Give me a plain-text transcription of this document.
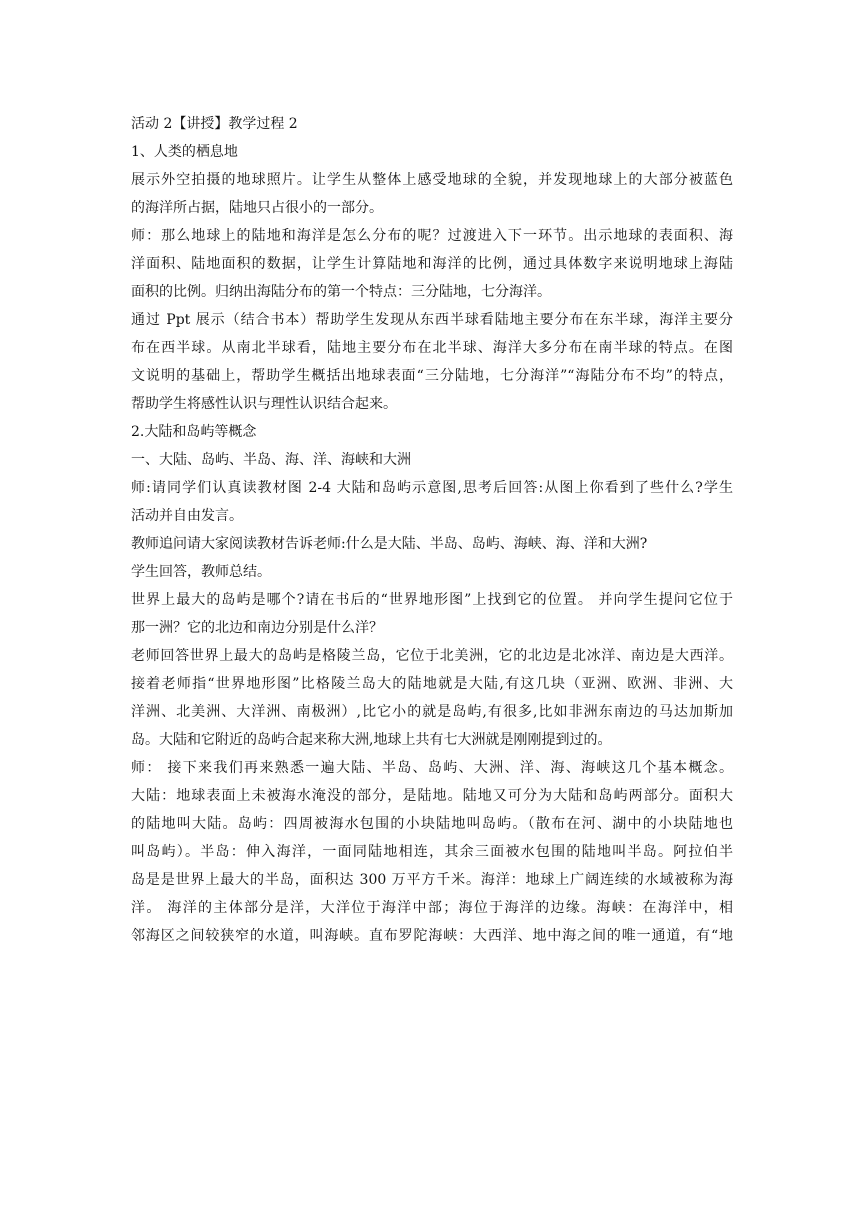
活动 2【讲授】教学过程 2
1、人类的栖息地
展示外空拍摄的地球照片。让学生从整体上感受地球的全貌，并发现地球上的大部分被蓝色
的海洋所占据，陆地只占很小的一部分。
师：那么地球上的陆地和海洋是怎么分布的呢？过渡进入下一环节。出示地球的表面积、海
洋面积、陆地面积的数据，让学生计算陆地和海洋的比例，通过具体数字来说明地球上海陆
面积的比例。归纳出海陆分布的第一个特点：三分陆地，七分海洋。
通过 Ppt 展示（结合书本）帮助学生发现从东西半球看陆地主要分布在东半球，海洋主要分
布在西半球。从南北半球看，陆地主要分布在北半球、海洋大多分布在南半球的特点。在图
文说明的基础上，帮助学生概括出地球表面“三分陆地，七分海洋”“海陆分布不均”的特点，
帮助学生将感性认识与理性认识结合起来。
2.大陆和岛屿等概念
一、大陆、岛屿、半岛、海、洋、海峡和大洲
师:请同学们认真读教材图 2-4 大陆和岛屿示意图,思考后回答:从图上你看到了些什么?学生
活动并自由发言。
教师追问请大家阅读教材告诉老师:什么是大陆、半岛、岛屿、海峡、海、洋和大洲?
学生回答，教师总结。
世界上最大的岛屿是哪个?请在书后的“世界地形图”上找到它的位置。 并向学生提问它位于
那一洲？它的北边和南边分别是什么洋？
老师回答世界上最大的岛屿是格陵兰岛，它位于北美洲，它的北边是北冰洋、南边是大西洋。
接着老师指“世界地形图”比格陵兰岛大的陆地就是大陆,有这几块（亚洲、欧洲、非洲、大
洋洲、北美洲、大洋洲、南极洲）,比它小的就是岛屿,有很多,比如非洲东南边的马达加斯加
岛。大陆和它附近的岛屿合起来称大洲,地球上共有七大洲就是刚刚提到过的。
师： 接下来我们再来熟悉一遍大陆、半岛、岛屿、大洲、洋、海、海峡这几个基本概念。
大陆：地球表面上未被海水淹没的部分，是陆地。陆地又可分为大陆和岛屿两部分。面积大
的陆地叫大陆。岛屿：四周被海水包围的小块陆地叫岛屿。（散布在河、湖中的小块陆地也
叫岛屿）。半岛：伸入海洋，一面同陆地相连，其余三面被水包围的陆地叫半岛。阿拉伯半
岛是是世界上最大的半岛，面积达 300 万平方千米。海洋：地球上广阔连续的水域被称为海
洋。 海洋的主体部分是洋，大洋位于海洋中部；海位于海洋的边缘。海峡：在海洋中，相
邻海区之间较狭窄的水道，叫海峡。直布罗陀海峡：大西洋、地中海之间的唯一通道，有“地
